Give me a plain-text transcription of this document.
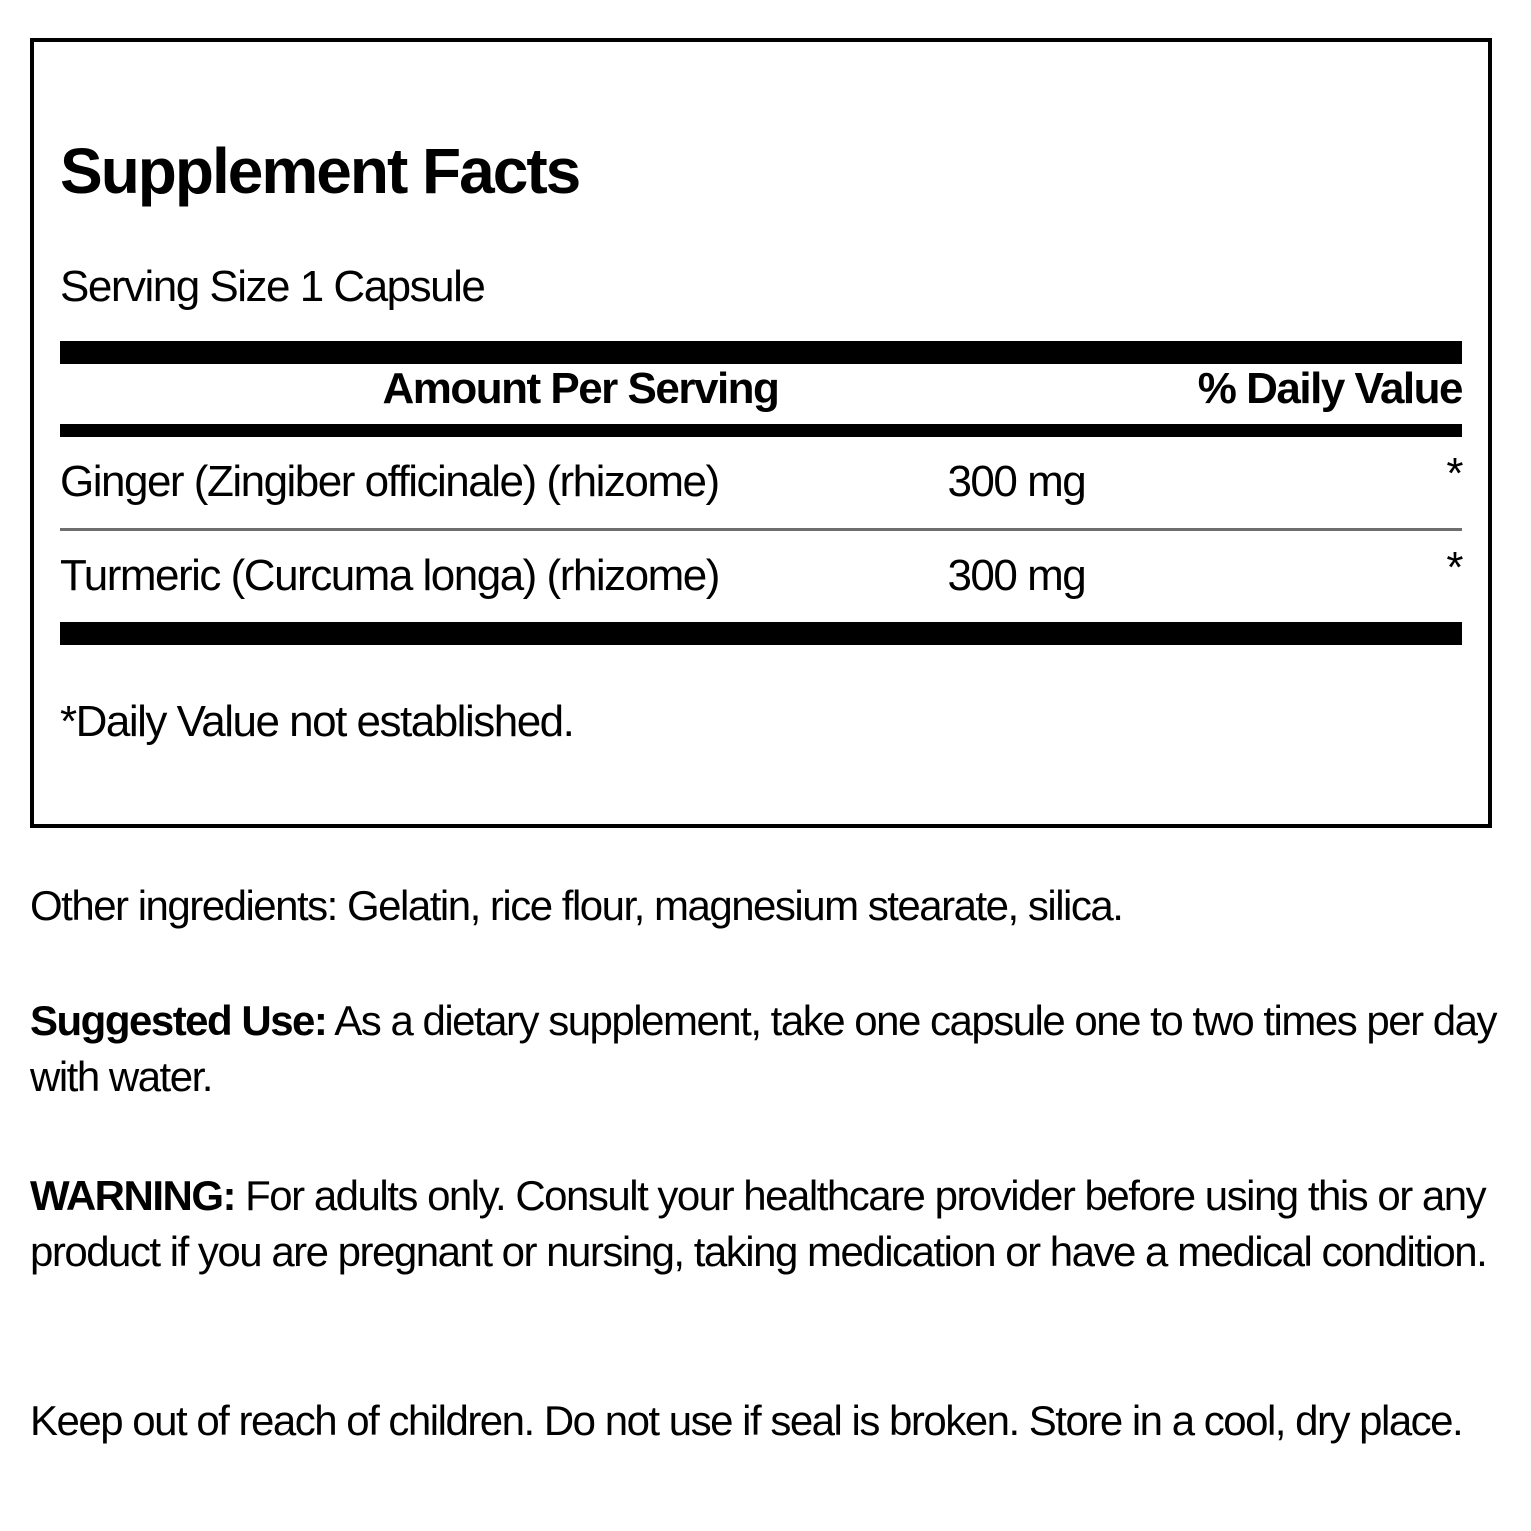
Supplement Facts
Serving Size 1 Capsule
Amount Per Serving	% Daily Value
Ginger (Zingiber officinale) (rhizome)	300 mg	*
Turmeric (Curcuma longa) (rhizome)	300 mg	*
*Daily Value not established.

Other ingredients: Gelatin, rice flour, magnesium stearate, silica.

Suggested Use: As a dietary supplement, take one capsule one to two times per day with water.

WARNING: For adults only. Consult your healthcare provider before using this or any product if you are pregnant or nursing, taking medication or have a medical condition.

Keep out of reach of children. Do not use if seal is broken. Store in a cool, dry place.
